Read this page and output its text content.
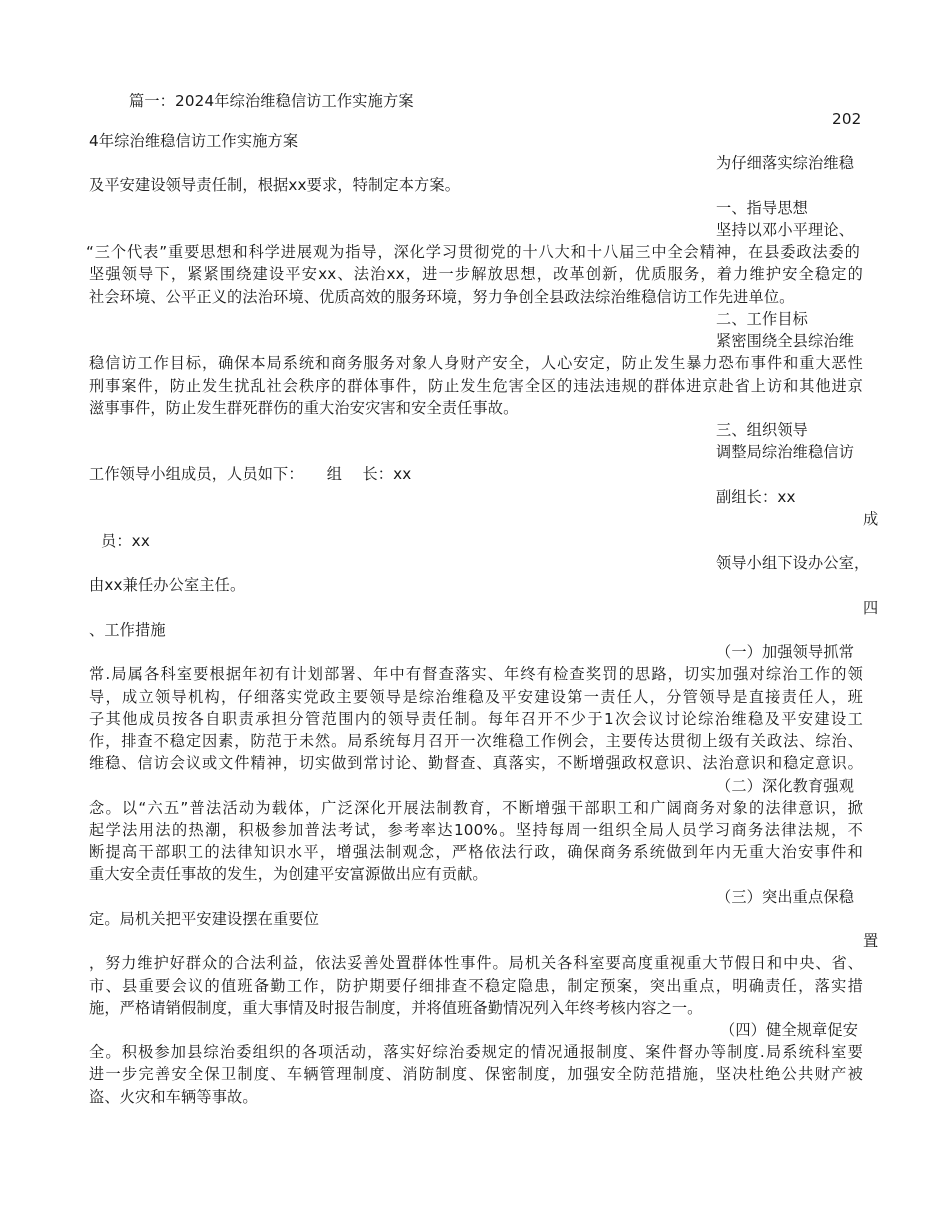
篇一：2024年综治维稳信访工作实施方案
202
4年综治维稳信访工作实施方案
为仔细落实综治维稳
及平安建设领导责任制，根据xx要求，特制定本方案。
一、指导思想
坚持以邓小平理论、
“三个代表”重要思想和科学进展观为指导，深化学习贯彻党的十八大和十八届三中全会精神，在县委政法委的
坚强领导下，紧紧围绕建设平安xx、法治xx，进一步解放思想，改革创新，优质服务，着力维护安全稳定的
社会环境、公平正义的法治环境、优质高效的服务环境，努力争创全县政法综治维稳信访工作先进单位。
二、工作目标
紧密围绕全县综治维
稳信访工作目标，确保本局系统和商务服务对象人身财产安全，人心安定，防止发生暴力恐布事件和重大恶性
刑事案件，防止发生扰乱社会秩序的群体事件，防止发生危害全区的违法违规的群体进京赴省上访和其他进京
滋事事件，防止发生群死群伤的重大治安灾害和安全责任事故。
三、组织领导
调整局综治维稳信访
工作领导小组成员，人员如下：　　组　 长：xx
副组长：xx
成
员：xx
领导小组下设办公室，
由xx兼任办公室主任。
四
、工作措施
（一）加强领导抓常
常.局属各科室要根据年初有计划部署、年中有督查落实、年终有检查奖罚的思路，切实加强对综治工作的领
导，成立领导机构，仔细落实党政主要领导是综治维稳及平安建设第一责任人，分管领导是直接责任人，班
子其他成员按各自职责承担分管范围内的领导责任制。每年召开不少于1次会议讨论综治维稳及平安建设工
作，排查不稳定因素，防范于未然。局系统每月召开一次维稳工作例会，主要传达贯彻上级有关政法、综治、
维稳、信访会议或文件精神，切实做到常讨论、勤督查、真落实，不断增强政权意识、法治意识和稳定意识。
（二）深化教育强观
念。以“六五”普法活动为载体，广泛深化开展法制教育，不断增强干部职工和广阔商务对象的法律意识，掀
起学法用法的热潮，积极参加普法考试，参考率达100%。坚持每周一组织全局人员学习商务法律法规，不
断提高干部职工的法律知识水平，增强法制观念，严格依法行政，确保商务系统做到年内无重大治安事件和
重大安全责任事故的发生，为创建平安富源做出应有贡献。
（三）突出重点保稳
定。局机关把平安建设摆在重要位
置
，努力维护好群众的合法利益，依法妥善处置群体性事件。局机关各科室要高度重视重大节假日和中央、省、
市、县重要会议的值班备勤工作，防护期要仔细排查不稳定隐患，制定预案，突出重点，明确责任，落实措
施，严格请销假制度，重大事情及时报告制度，并将值班备勤情况列入年终考核内容之一。
（四）健全规章促安
全。积极参加县综治委组织的各项活动，落实好综治委规定的情况通报制度、案件督办等制度.局系统科室要
进一步完善安全保卫制度、车辆管理制度、消防制度、保密制度，加强安全防范措施，坚决杜绝公共财产被
盗、火灾和车辆等事故。
